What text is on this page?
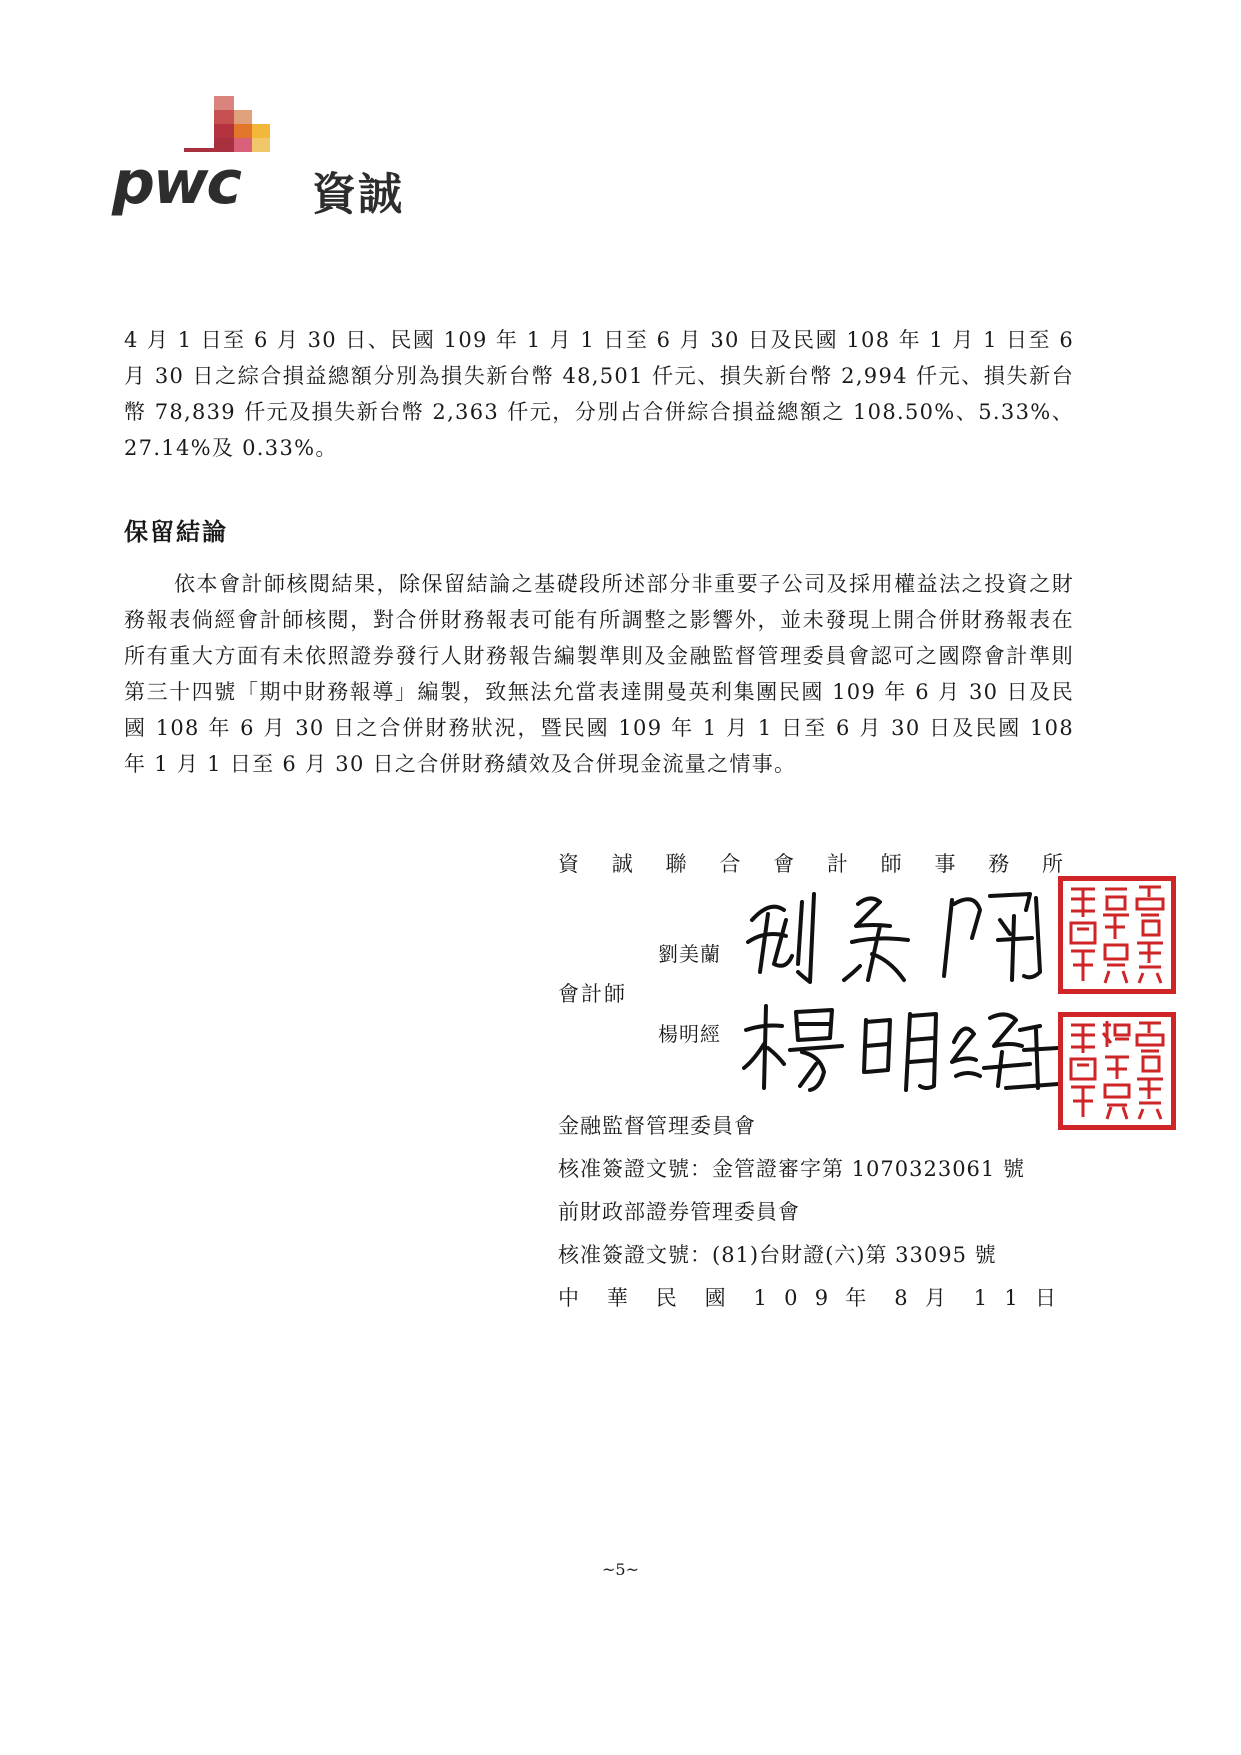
pwc 資誠

4 月 1 日至 6 月 30 日、民國 109 年 1 月 1 日至 6 月 30 日及民國 108 年 1 月 1 日至 6 月 30 日之綜合損益總額分別為損失新台幣 48,501 仟元、損失新台幣 2,994 仟元、損失新台幣 78,839 仟元及損失新台幣 2,363 仟元，分別占合併綜合損益總額之 108.50%、5.33%、27.14%及 0.33%。

保留結論

依本會計師核閱結果，除保留結論之基礎段所述部分非重要子公司及採用權益法之投資之財務報表倘經會計師核閱，對合併財務報表可能有所調整之影響外，並未發現上開合併財務報表在所有重大方面有未依照證券發行人財務報告編製準則及金融監督管理委員會認可之國際會計準則第三十四號「期中財務報導」編製，致無法允當表達開曼英利集團民國 109 年 6 月 30 日及民國 108 年 6 月 30 日之合併財務狀況，暨民國 109 年 1 月 1 日至 6 月 30 日及民國 108 年 1 月 1 日至 6 月 30 日之合併財務績效及合併現金流量之情事。

資 誠 聯 合 會 計 師 事 務 所

會計師

劉美蘭

楊明經

金融監督管理委員會

核准簽證文號：金管證審字第 1070323061 號

前財政部證券管理委員會

核准簽證文號：(81)台財證(六)第 33095 號

中 華 民 國 1 0 9 年 8 月 1 1 日

~5~
